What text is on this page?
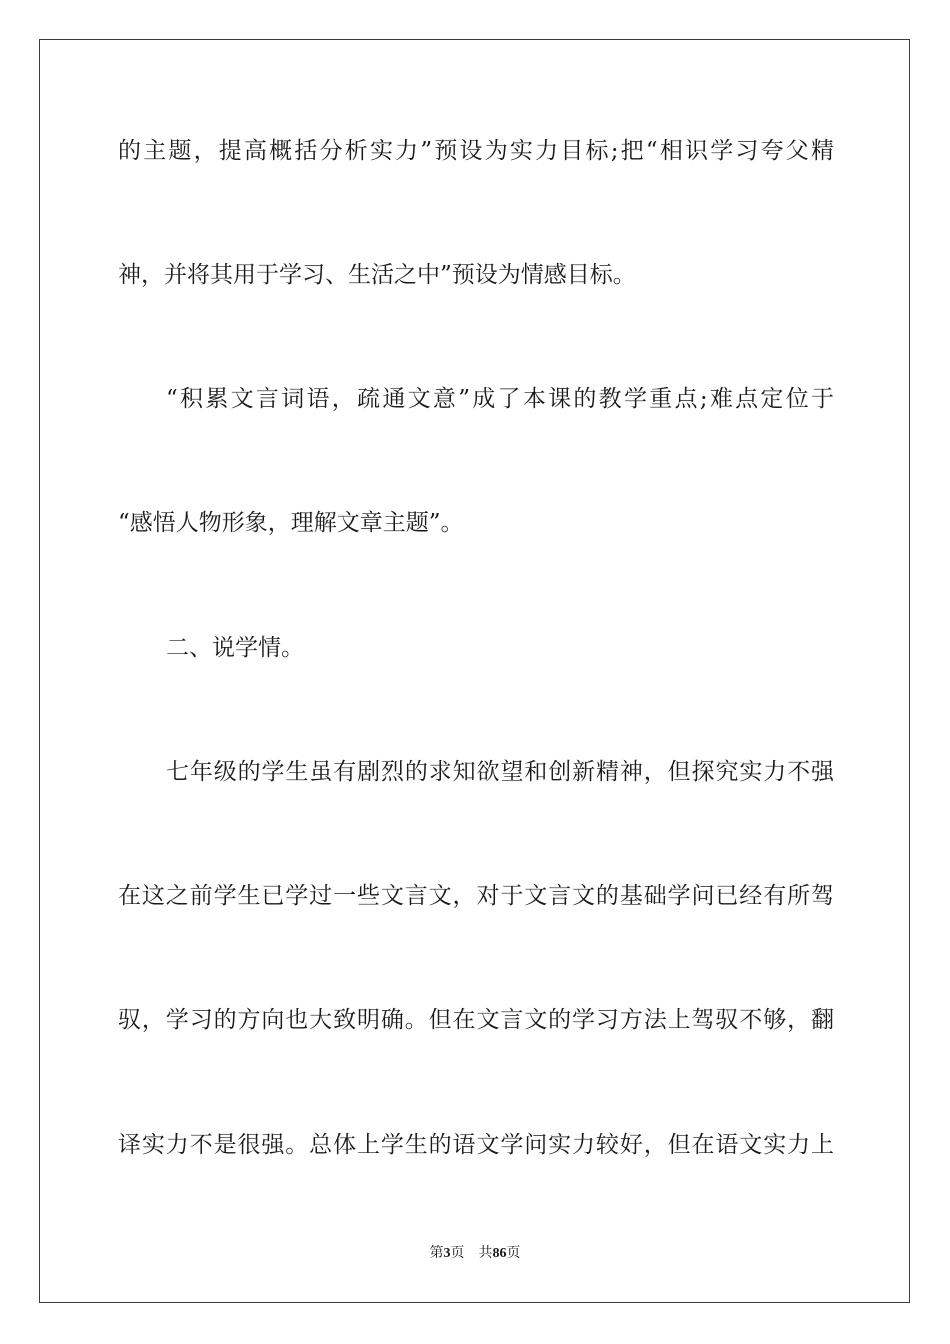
的主题，提高概括分析实力”预设为实力目标;把“相识学习夸父精
神，并将其用于学习、生活之中”预设为情感目标。
“积累文言词语，疏通文意”成了本课的教学重点;难点定位于
“感悟人物形象，理解文章主题”。
二、说学情。
七年级的学生虽有剧烈的求知欲望和创新精神，但探究实力不强
在这之前学生已学过一些文言文，对于文言文的基础学问已经有所驾
驭，学习的方向也大致明确。但在文言文的学习方法上驾驭不够，翻
译实力不是很强。总体上学生的语文学问实力较好，但在语文实力上
第3页 共86页
